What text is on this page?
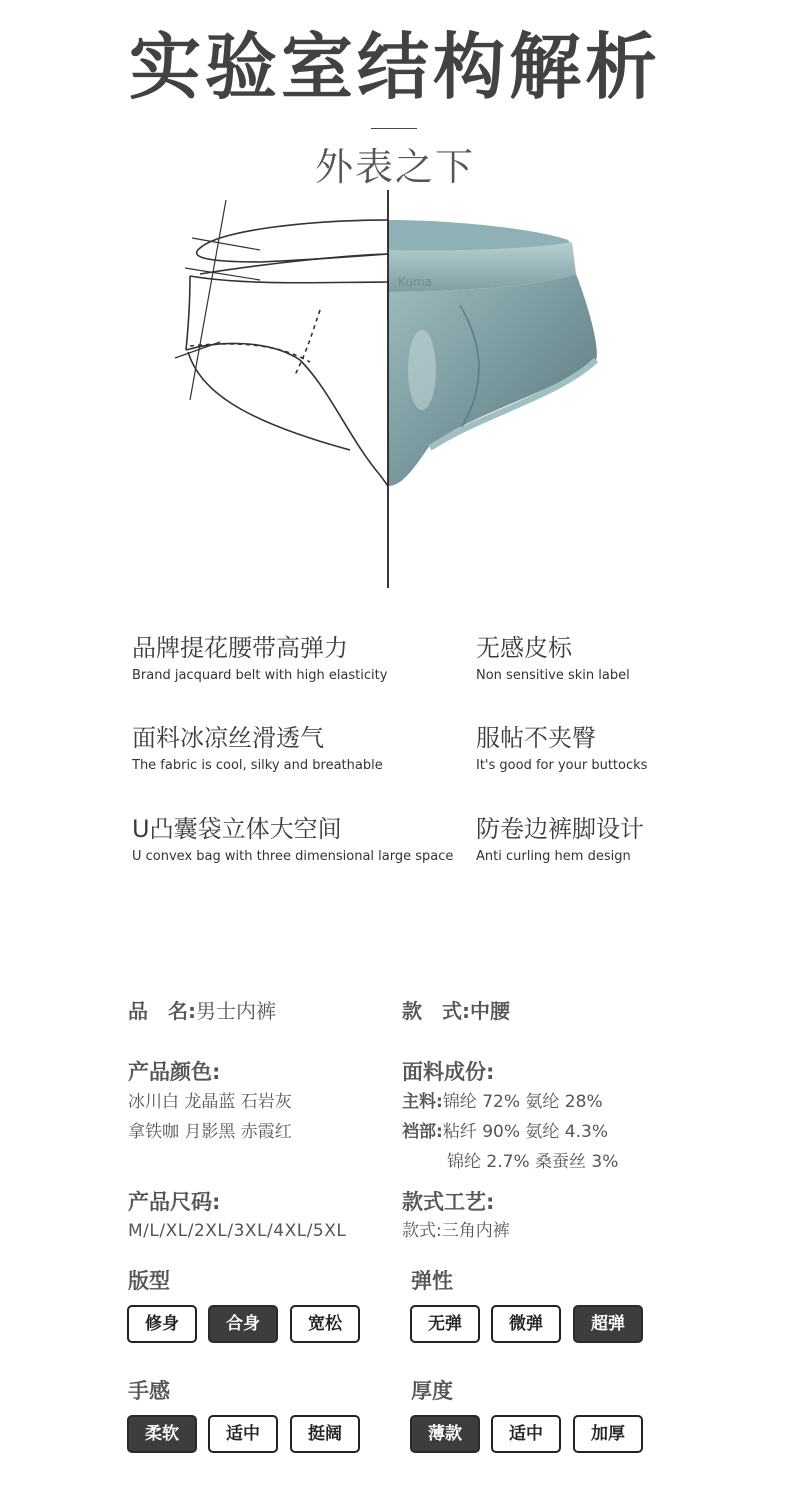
实验室结构解析
外表之下
Kuma
品牌提花腰带高弹力
Brand jacquard belt with high elasticity
无感皮标
Non sensitive skin label
面料冰凉丝滑透气
The fabric is cool, silky and breathable
服帖不夹臀
It's good for your buttocks
U凸囊袋立体大空间
U convex bag with three dimensional large space
防卷边裤脚设计
Anti curling hem design
品　名:男士内裤	款　式:中腰
产品颜色:
冰川白 龙晶蓝 石岩灰
拿铁咖 月影黑 赤霞红
面料成份:
主料:锦纶 72% 氨纶 28%
裆部:粘纤 90% 氨纶 4.3%
锦纶 2.7% 桑蚕丝 3%
产品尺码:
M/L/XL/2XL/3XL/4XL/5XL
款式工艺:
款式:三角内裤
版型
修身	合身	宽松
弹性
无弹	微弹	超弹
手感
柔软	适中	挺阔
厚度
薄款	适中	加厚
